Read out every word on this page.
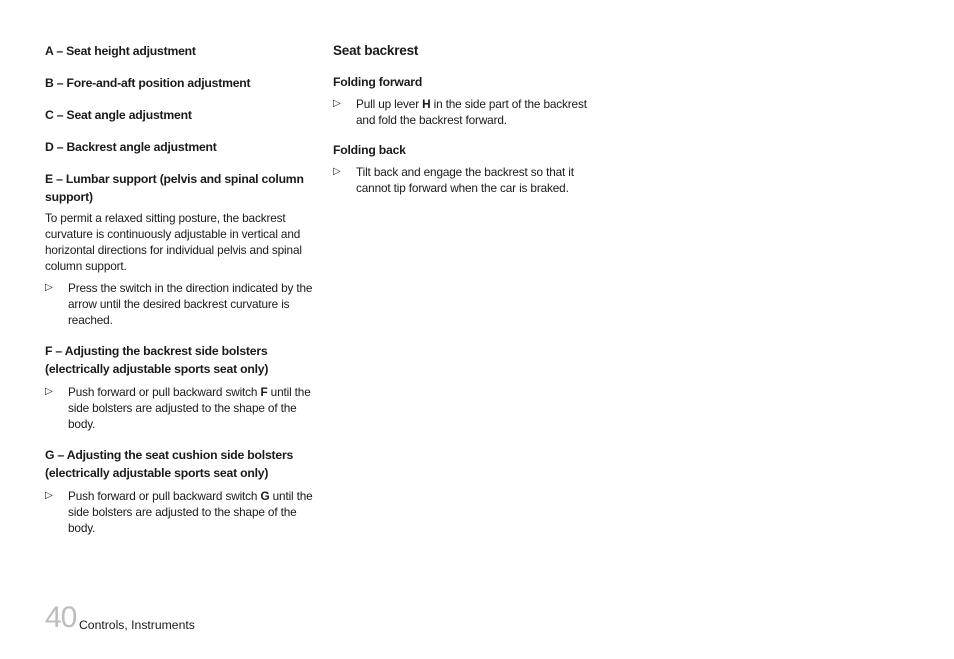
A – Seat height adjustment

B – Fore-and-aft position adjustment

C – Seat angle adjustment

D – Backrest angle adjustment

E – Lumbar support (pelvis and spinal column support)

To permit a relaxed sitting posture, the backrest curvature is continuously adjustable in vertical and horizontal directions for individual pelvis and spinal column support.

▷ Press the switch in the direction indicated by the arrow until the desired backrest curvature is reached.

F – Adjusting the backrest side bolsters (electrically adjustable sports seat only)

▷ Push forward or pull backward switch F until the side bolsters are adjusted to the shape of the body.

G – Adjusting the seat cushion side bolsters (electrically adjustable sports seat only)

▷ Push forward or pull backward switch G until the side bolsters are adjusted to the shape of the body.

Seat backrest

Folding forward

▷ Pull up lever H in the side part of the backrest and fold the backrest forward.

Folding back

▷ Tilt back and engage the backrest so that it cannot tip forward when the car is braked.
40 Controls, Instruments
